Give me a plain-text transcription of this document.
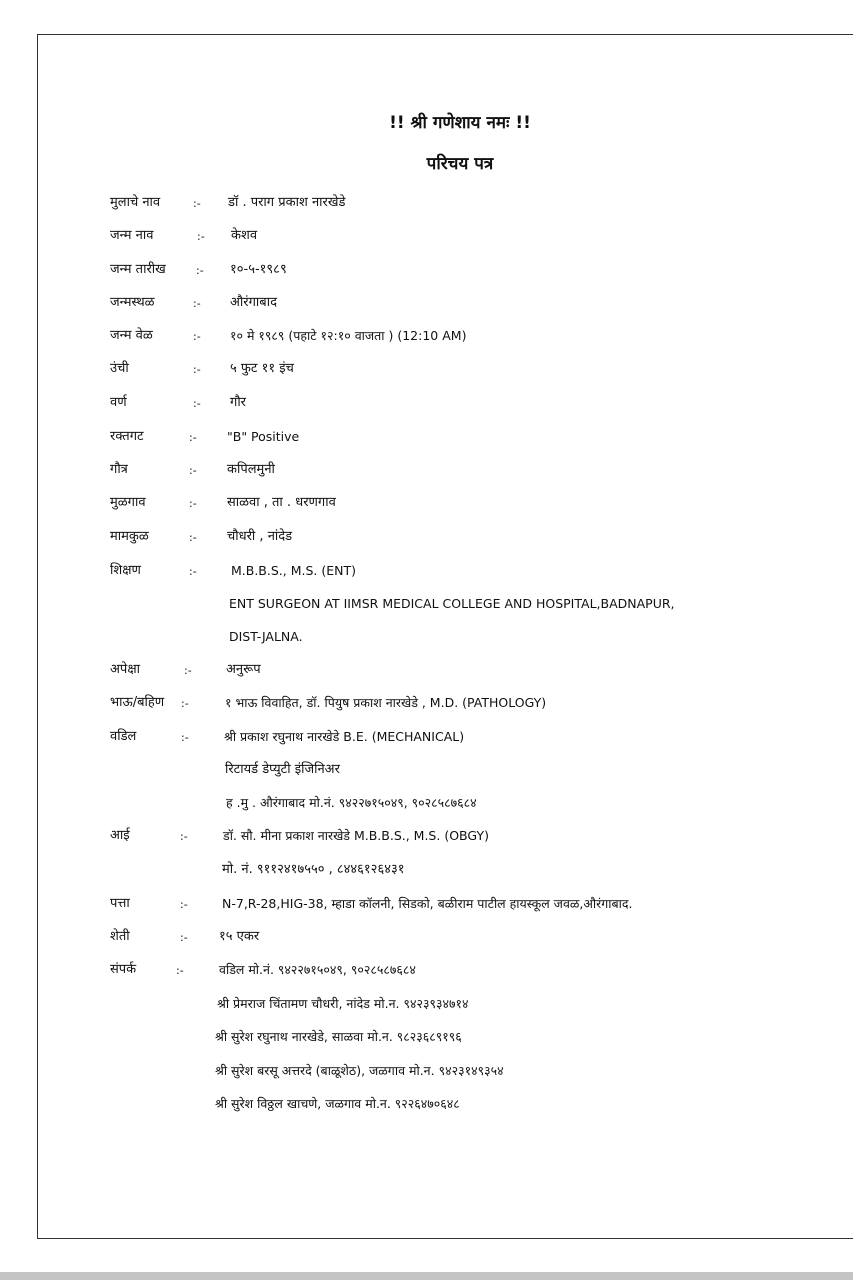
!! श्री गणेशाय नमः !!
परिचय पत्र
मुलाचे नाव	:- डॉ . पराग प्रकाश नारखेडे
जन्म नाव	:- केशव
जन्म तारीख	:- १०-५-१९८९
जन्मस्थळ	:- औरंगाबाद
जन्म वेळ	:- १० मे १९८९ (पहाटे १२:१० वाजता ) (12:10 AM)
उंची	:- ५ फुट ११ इंच
वर्ण	:- गौर
रक्तगट	:- "B" Positive
गौत्र	:- कपिलमुनी
मुळगाव	:- साळवा , ता . धरणगाव
मामकुळ	:- चौधरी , नांदेड
शिक्षण	:-	M.B.B.S., M.S. (ENT)
ENT SURGEON AT IIMSR MEDICAL COLLEGE AND HOSPITAL,BADNAPUR,
DIST-JALNA.
अपेक्षा	:-	अनुरूप
भाऊ/बहिण :-	१ भाऊ विवाहित, डॉ. पियुष प्रकाश नारखेडे , M.D. (PATHOLOGY)
वडिल	:-	श्री प्रकाश रघुनाथ नारखेडे B.E. (MECHANICAL)
रिटायर्ड डेप्युटी इंजिनिअर
ह .मु . औरंगाबाद मो.नं. ९४२२७१५०४९, ९०२८५८७६८४
आई	:-	डॉ. सौ. मीना प्रकाश नारखेडे M.B.B.S., M.S. (OBGY)
मो. नं. ९११२४१७५५० , ८४४६१२६४३१
पत्ता	:-	N-7,R-28,HIG-38, म्हाडा कॉलनी, सिडको, बळीराम पाटील हायस्कूल जवळ,औरंगाबाद.
शेती	:- १५ एकर
संपर्क	:-	वडिल मो.नं. ९४२२७१५०४९, ९०२८५८७६८४
श्री प्रेमराज चिंतामण चौधरी, नांदेड मो.न. ९४२३९३४७१४
श्री सुरेश रघुनाथ नारखेडे, साळवा मो.न. ९८२३६८९१९६
श्री सुरेश बरसू अत्तरदे (बाळूशेठ), जळगाव मो.न. ९४२३१४९३५४
श्री सुरेश विठ्ठल खाचणे, जळगाव मो.न. ९२२६४७०६४८
